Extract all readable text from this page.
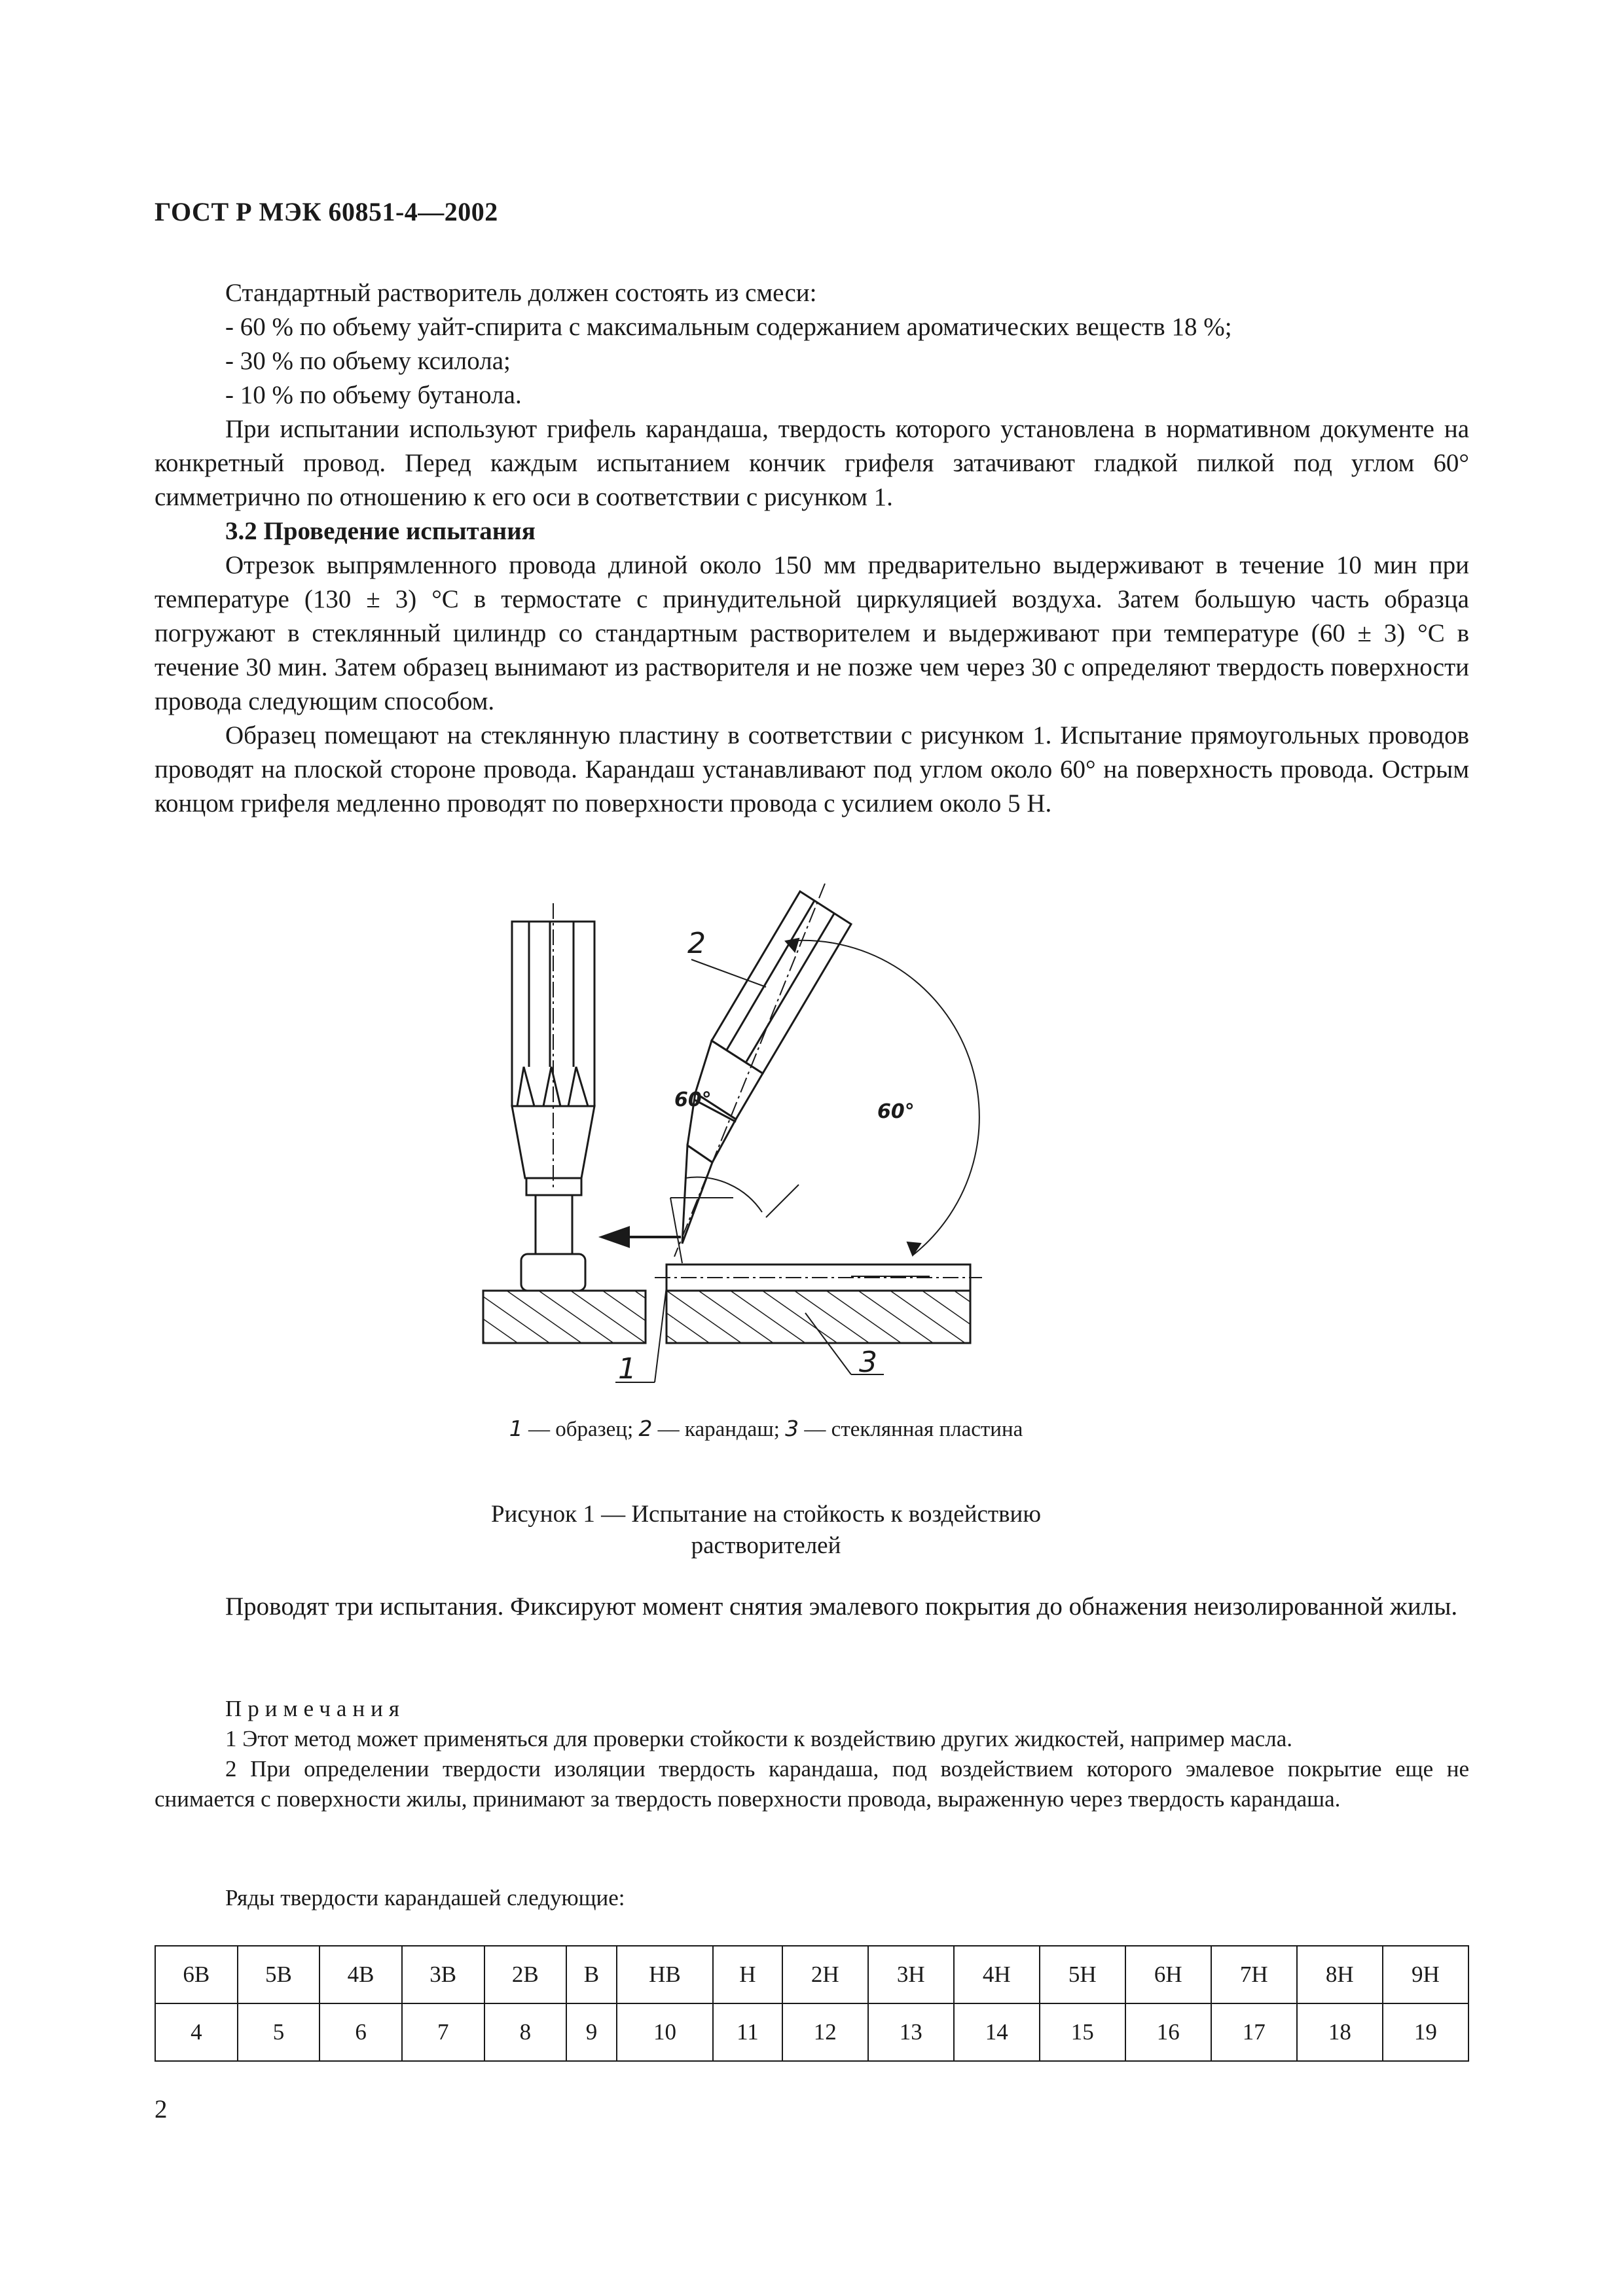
ГОСТ Р МЭК 60851-4—2002

Стандартный растворитель должен состоять из смеси:

- 60 % по объему уайт-спирита с максимальным содержанием ароматических веществ 18 %;

- 30 % по объему ксилола;

- 10 % по объему бутанола.

При испытании используют грифель карандаша, твердость которого установлена в нормативном документе на конкретный провод. Перед каждым испытанием кончик грифеля затачивают гладкой пилкой под углом 60° симметрично по отношению к его оси в соответствии с рисунком 1.

3.2 Проведение испытания

Отрезок выпрямленного провода длиной около 150 мм предварительно выдерживают в течение 10 мин при температуре (130 ± 3) °С в термостате с принудительной циркуляцией воздуха. Затем большую часть образца погружают в стеклянный цилиндр со стандартным растворителем и выдерживают при температуре (60 ± 3) °С в течение 30 мин. Затем образец вынимают из растворителя и не позже чем через 30 с определяют твердость поверхности провода следующим способом.

Образец помещают на стеклянную пластину в соответствии с рисунком 1. Испытание прямоугольных проводов проводят на плоской стороне провода. Карандаш устанавливают под углом около 60° на поверхность провода. Острым концом грифеля медленно проводят по поверхности провода с усилием около 5 Н.

2
1	3
60°
60°
1 — образец; 2 — карандаш; 3 — стеклянная пластина
Рисунок 1 — Испытание на стойкость к воздействию растворителей

Проводят три испытания. Фиксируют момент снятия эмалевого покрытия до обнажения неизолированной жилы.

Примечания

1 Этот метод может применяться для проверки стойкости к воздействию других жидкостей, например масла.

2 При определении твердости изоляции твердость карандаша, под воздействием которого эмалевое покрытие еще не снимается с поверхности жилы, принимают за твердость поверхности провода, выраженную через твердость карандаша.

Ряды твердости карандашей следующие:
6B	5B	4B	3B	2B	B	HB	H	2H	3H	4H	5H	6H	7H	8H	9H
4	5	6	7	8	9	10	11	12	13	14	15	16	17	18	19
2
